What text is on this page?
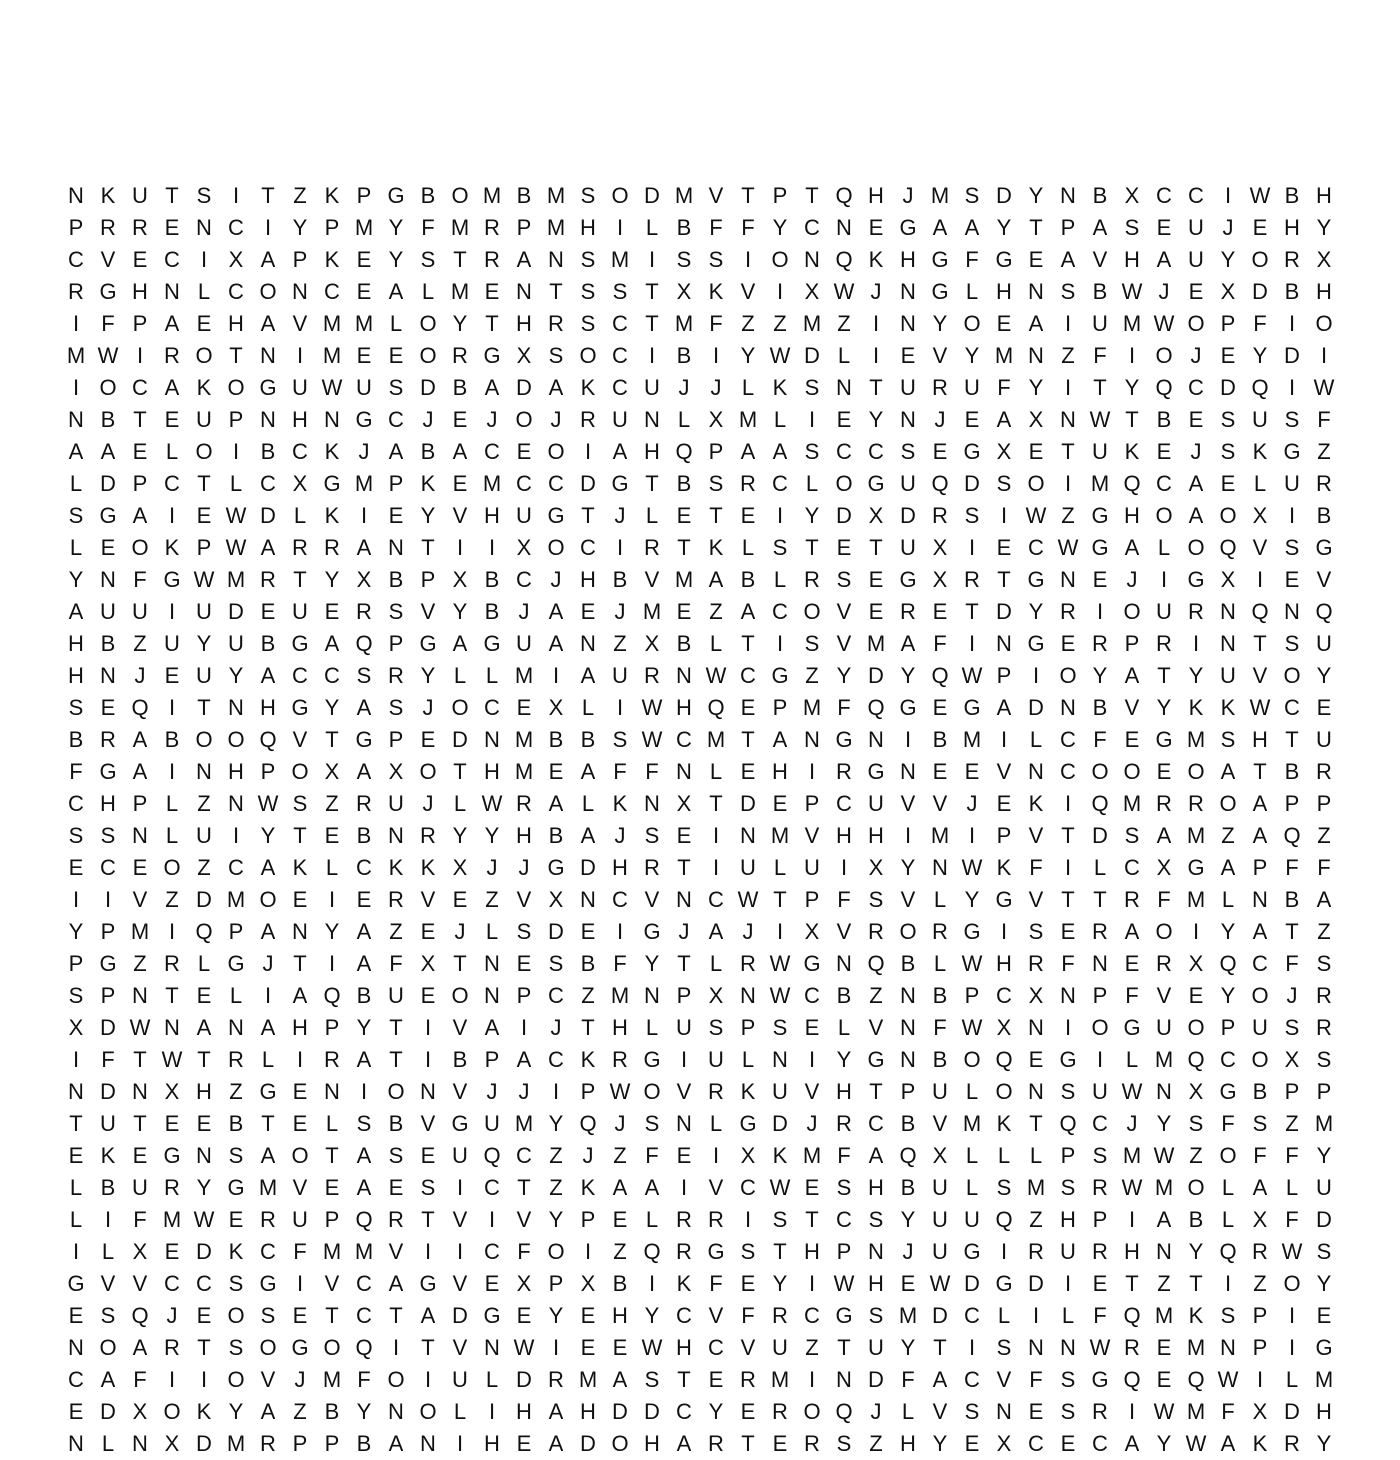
N K U T S I	T Z K P G B O M B M S O D M V T P T Q H J M S D Y N B X C C I W B H
P R R E N C I Y P M Y F M R P M H I	L B F F Y C N E G A A Y T P A S E U J E H Y
C V E C I X A P K E Y S T R A N S M I S S I O N Q K H G F G E A V H A U Y O R X
R G H N L C O N C E A L M E N T S S T X K V I X W J N G L H N S B W J E X D B H
I	F P A E H A V M M L O Y T H R S C T M F Z Z M Z	I N Y O E A I U M W O P F	I O
M W I R O T N I M E E O R G X S O C I B I Y W D L	I E V Y M N Z F	I O J E Y D I
I O C A K O G U W U S D B A D A K C U J J L K S N T U R U F Y I	T Y Q C D Q I W
N B T E U P N H N G C J E J O J R U N L X M L	I E Y N J E A X N W T B E S U S F
A A E L O I B C K J A B A C E O I A H Q P A A S C C S E G X E T U K E J S K G Z
L D P C T L C X G M P K E M C C D G T B S R C L O G U Q D S O I M Q C A E L U R
S G A I E W D L K I E Y V H U G T J L E T E I Y D X D R S I W Z G H O A O X I B
L E O K P W A R R A N T	I	I X O C I R T K L S T E T U X I E C W G A L O Q V S G
Y N F G W M R T Y X B P X B C J H B V M A B L R S E G X R T G N E J	I G X I E V
A U U I U D E U E R S V Y B J A E J M E Z A C O V E R E T D Y R I O U R N Q N Q
H B Z U Y U B G A Q P G A G U A N Z X B L T	I S V M A F	I N G E R P R I N T S U
H N J E U Y A C C S R Y L L M I A U R N W C G Z Y D Y Q W P I O Y A T Y U V O Y
S E Q I	T N H G Y A S J O C E X L	I W H Q E P M F Q G E G A D N B V Y K K W C E
B R A B O O Q V T G P E D N M B B S W C M T A N G N I B M I	L C F E G M S H T U
F G A I N H P O X A X O T H M E A F F N L E H I R G N E E V N C O O E O A T B R
C H P L Z N W S Z R U J L W R A L K N X T D E P C U V V J E K I Q M R R O A P P
S S N L U I Y T E B N R Y Y H B A J S E I N M V H H I M I P V T D S A M Z A Q Z
E C E O Z C A K L C K K X J J G D H R T	I U L U I X Y N W K F	I	L C X G A P F F
I	I V Z D M O E I E R V E Z V X N C V N C W T P F S V L Y G V T T R F M L N B A
Y P M I Q P A N Y A Z E J L S D E I G J A J	I X V R O R G I S E R A O I Y A T Z
P G Z R L G J T	I A F X T N E S B F Y T L R W G N Q B L W H R F N E R X Q C F S
S P N T E L	I A Q B U E O N P C Z M N P X N W C B Z N B P C X N P F V E Y O J R
X D W N A N A H P Y T	I V A I	J T H L U S P S E L V N F W X N I O G U O P U S R
I	F T W T R L	I R A T	I B P A C K R G I U L N I Y G N B O Q E G I	L M Q C O X S
N D N X H Z G E N I O N V J J	I P W O V R K U V H T P U L O N S U W N X G B P P
T U T E E B T E L S B V G U M Y Q J S N L G D J R C B V M K T Q C J Y S F S Z M
E K E G N S A O T A S E U Q C Z J Z F E I X K M F A Q X L L L P S M W Z O F F Y
L B U R Y G M V E A E S I C T Z K A A I V C W E S H B U L S M S R W M O L A L U
L	I	F M W E R U P Q R T V I V Y P E L R R I S T C S Y U U Q Z H P I A B L X F D
I	L X E D K C F M M V I	I C F O I	Z Q R G S T H P N J U G I R U R H N Y Q R W S
G V V C C S G I V C A G V E X P X B I K F E Y I W H E W D G D I E T Z T	I	Z O Y
E S Q J E O S E T C T A D G E Y E H Y C V F R C G S M D C L	I	L F Q M K S P I E
N O A R T S O G O Q I	T V N W I E E W H C V U Z T U Y T	I S N N W R E M N P I G
C A F	I	I O V J M F O I U L D R M A S T E R M I N D F A C V F S G Q E Q W I	L M
E D X O K Y A Z B Y N O L	I H A H D D C Y E R O Q J L V S N E S R I W M F X D H
N L N X D M R P P B A N I H E A D O H A R T E R S Z H Y E X C E C A Y W A K R Y
